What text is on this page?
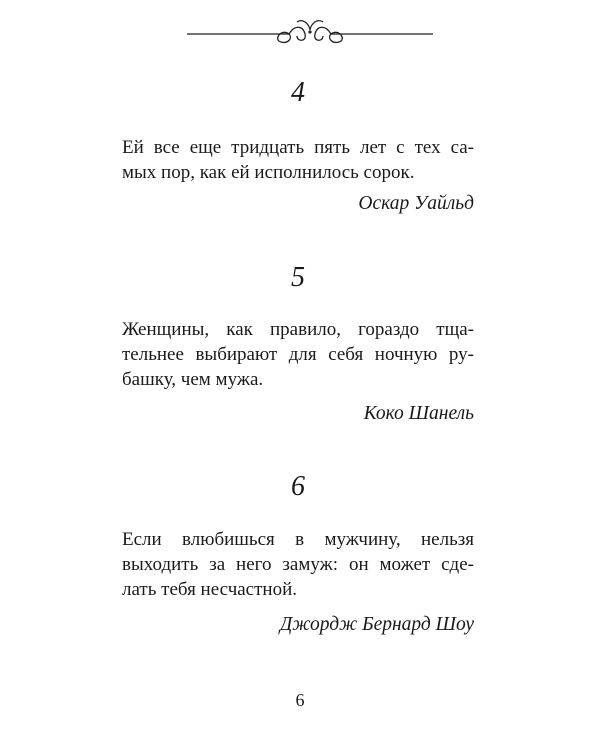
4

Ей все еще тридцать пять лет с тех са-
мых пор, как ей исполнилось сорок.

Оскар Уайльд

5

Женщины, как правило, гораздо тща-
тельнее выбирают для себя ночную ру-
башку, чем мужа.

Коко Шанель

6

Если влюбишься в мужчину, нельзя
выходить за него замуж: он может сде-
лать тебя несчастной.

Джордж Бернард Шоу

6
